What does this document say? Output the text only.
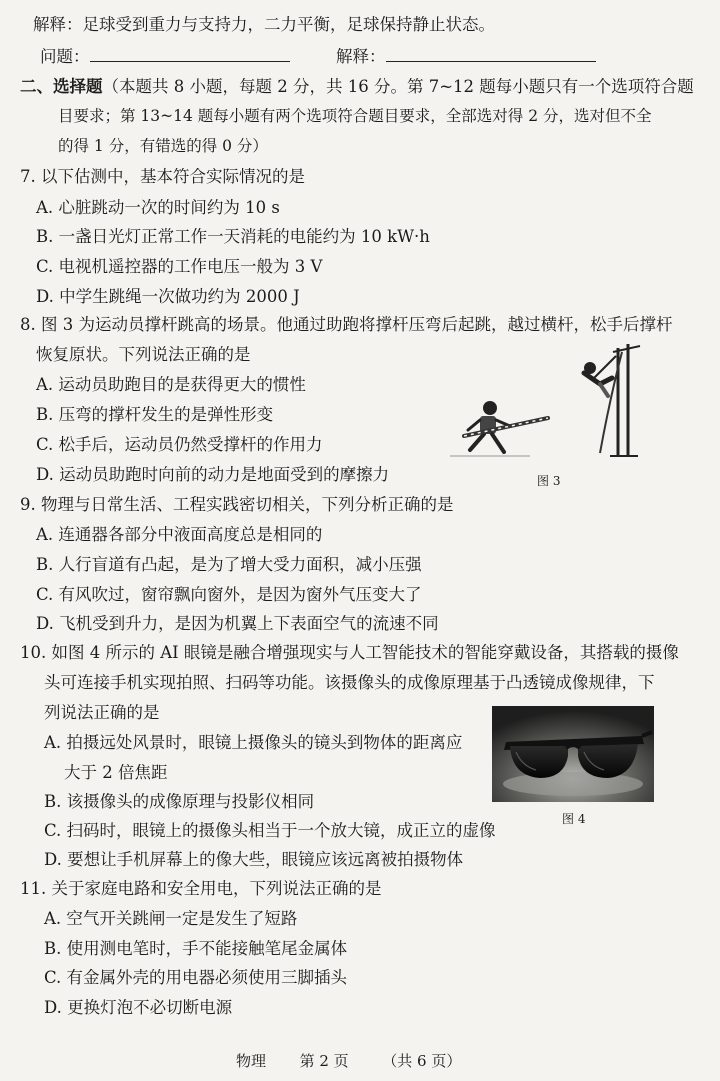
解释：足球受到重力与支持力，二力平衡，足球保持静止状态。
问题：	解释：
二、选择题（本题共 8 小题，每题 2 分，共 16 分。第 7~12 题每小题只有一个选项符合题
目要求；第 13~14 题每小题有两个选项符合题目要求，全部选对得 2 分，选对但不全
的得 1 分，有错选的得 0 分）
7. 以下估测中，基本符合实际情况的是
A. 心脏跳动一次的时间约为 10 s
B. 一盏日光灯正常工作一天消耗的电能约为 10 kW·h
C. 电视机遥控器的工作电压一般为 3 V
D. 中学生跳绳一次做功约为 2000 J
8. 图 3 为运动员撑杆跳高的场景。他通过助跑将撑杆压弯后起跳，越过横杆，松手后撑杆
恢复原状。下列说法正确的是
A. 运动员助跑目的是获得更大的惯性
B. 压弯的撑杆发生的是弹性形变
C. 松手后，运动员仍然受撑杆的作用力
D. 运动员助跑时向前的动力是地面受到的摩擦力	图 3
9. 物理与日常生活、工程实践密切相关，下列分析正确的是
A. 连通器各部分中液面高度总是相同的
B. 人行盲道有凸起，是为了增大受力面积，减小压强
C. 有风吹过，窗帘飘向窗外，是因为窗外气压变大了
D. 飞机受到升力，是因为机翼上下表面空气的流速不同
10. 如图 4 所示的 AI 眼镜是融合增强现实与人工智能技术的智能穿戴设备，其搭载的摄像
头可连接手机实现拍照、扫码等功能。该摄像头的成像原理基于凸透镜成像规律，下
列说法正确的是
A. 拍摄远处风景时，眼镜上摄像头的镜头到物体的距离应
大于 2 倍焦距
B. 该摄像头的成像原理与投影仪相同
C. 扫码时，眼镜上的摄像头相当于一个放大镜，成正立的虚像
D. 要想让手机屏幕上的像大些，眼镜应该远离被拍摄物体
图 4
11. 关于家庭电路和安全用电，下列说法正确的是
A. 空气开关跳闸一定是发生了短路
B. 使用测电笔时，手不能接触笔尾金属体
C. 有金属外壳的用电器必须使用三脚插头
D. 更换灯泡不必切断电源
物理 第 2 页 （共 6 页）
